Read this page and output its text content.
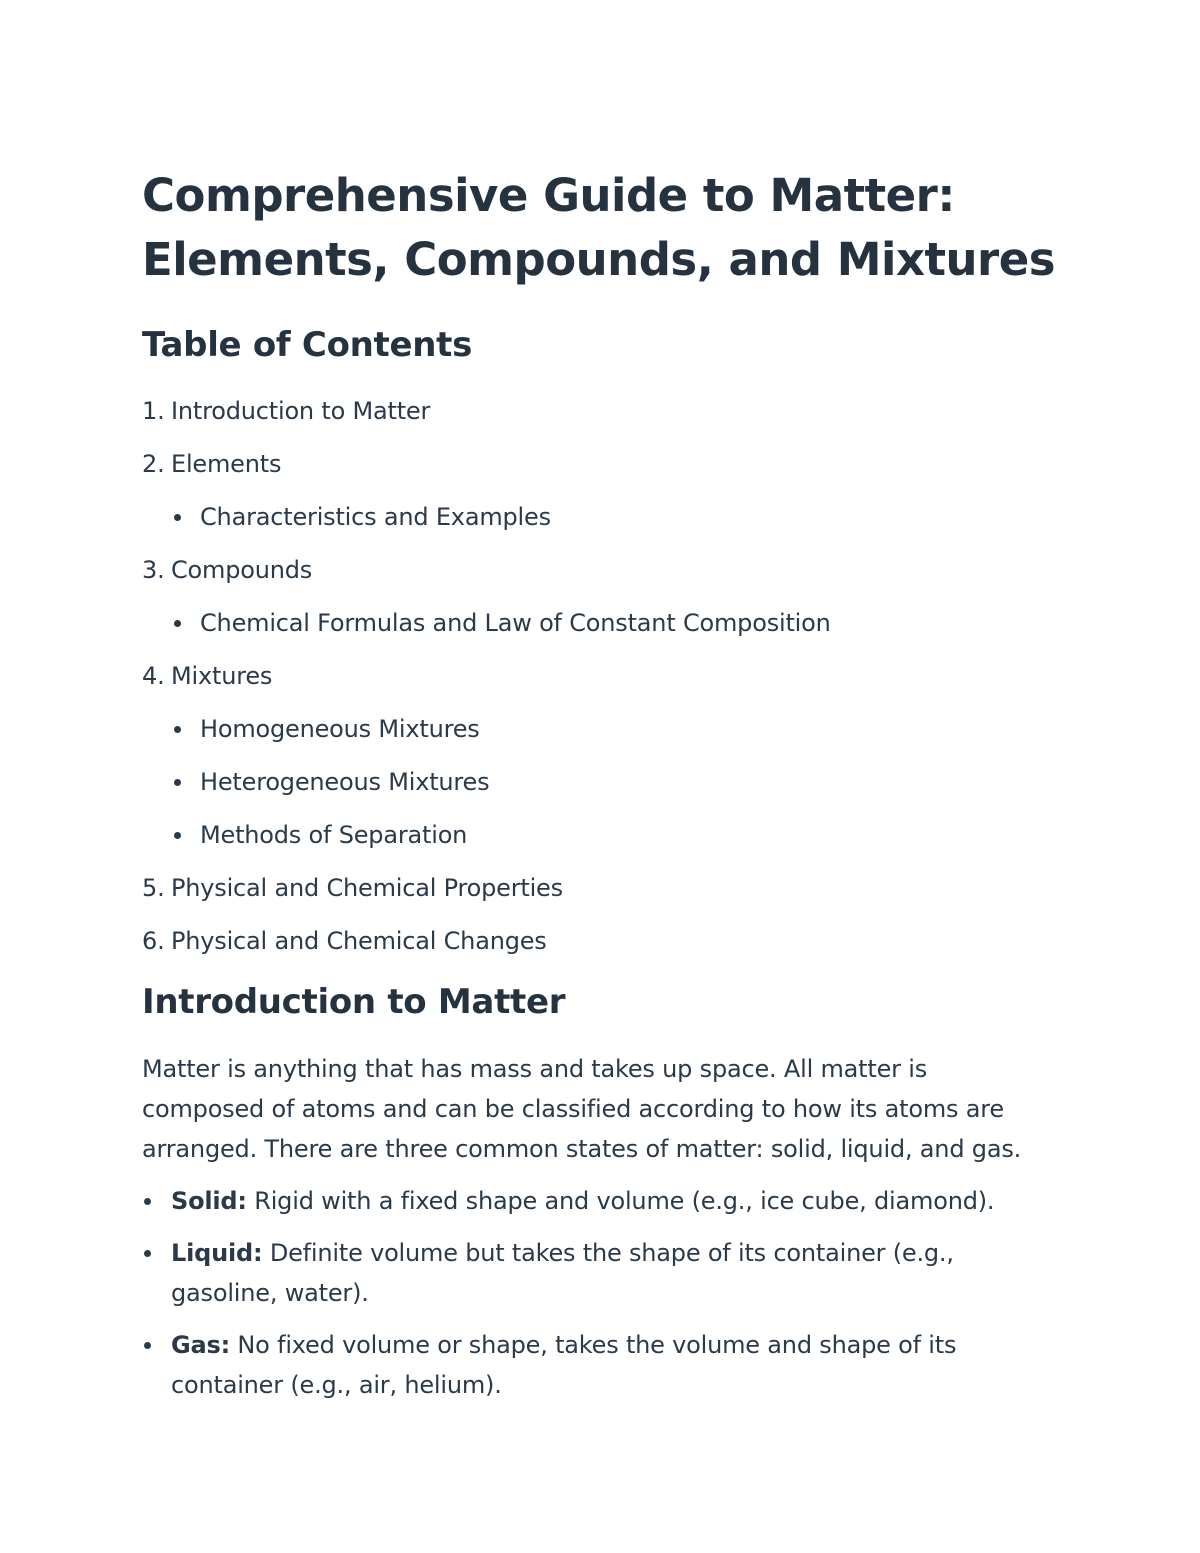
Comprehensive Guide to Matter:
Elements, Compounds, and Mixtures
Table of Contents
1. Introduction to Matter
2. Elements
Characteristics and Examples
3. Compounds
Chemical Formulas and Law of Constant Composition
4. Mixtures
Homogeneous Mixtures
Heterogeneous Mixtures
Methods of Separation
5. Physical and Chemical Properties
6. Physical and Chemical Changes
Introduction to Matter

Matter is anything that has mass and takes up space. All matter is
composed of atoms and can be classified according to how its atoms are
arranged. There are three common states of matter: solid, liquid, and gas.

Solid: Rigid with a fixed shape and volume (e.g., ice cube, diamond).
Liquid: Definite volume but takes the shape of its container (e.g.,
gasoline, water).
Gas: No fixed volume or shape, takes the volume and shape of its
container (e.g., air, helium).
